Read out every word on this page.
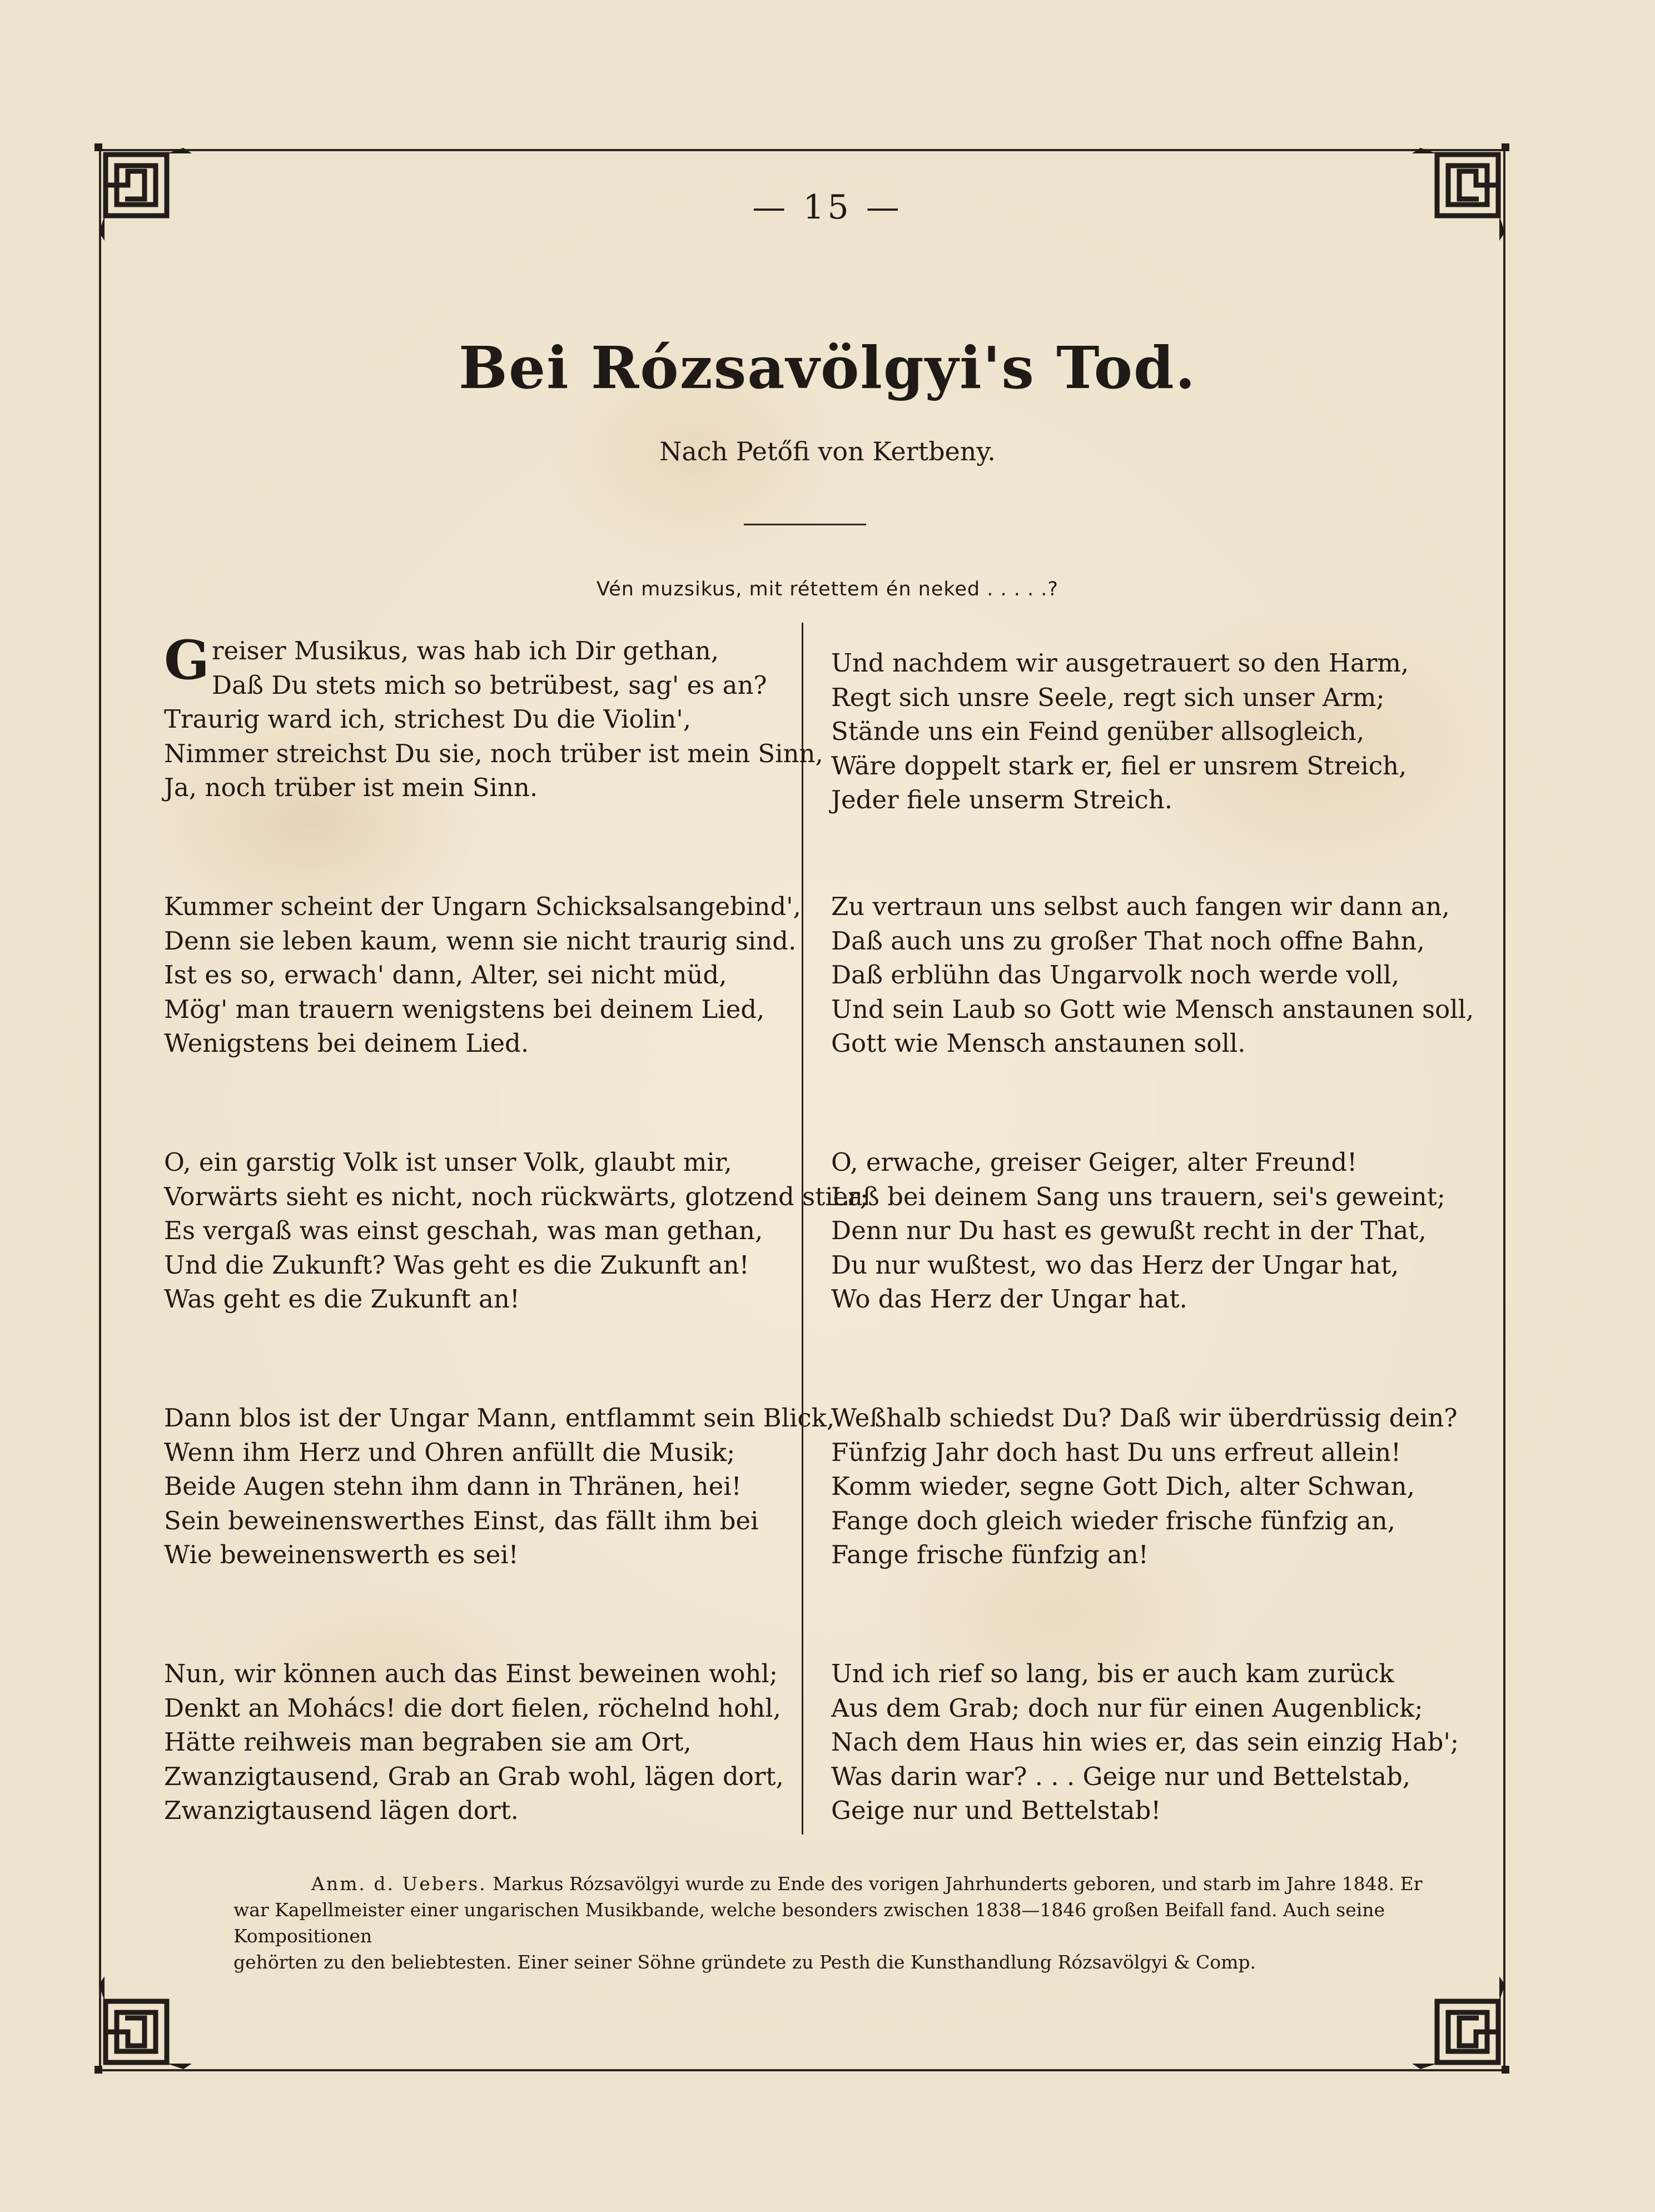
— 15 —
Bei Rózsavölgyi's Tod.
Nach Petőfi von Kertbeny.
Vén muzsikus, mit rétettem én neked . . . . .?
G reiser Musikus, was hab ich Dir gethan,
Daß Du stets mich so betrübest, sag' es an?
Traurig ward ich, strichest Du die Violin',
Nimmer streichst Du sie, noch trüber ist mein Sinn,
Ja, noch trüber ist mein Sinn.
Kummer scheint der Ungarn Schicksalsangebind',
Denn sie leben kaum, wenn sie nicht traurig sind.
Ist es so, erwach' dann, Alter, sei nicht müd,
Mög' man trauern wenigstens bei deinem Lied,
Wenigstens bei deinem Lied.
O, ein garstig Volk ist unser Volk, glaubt mir,
Vorwärts sieht es nicht, noch rückwärts, glotzend stier;
Es vergaß was einst geschah, was man gethan,
Und die Zukunft? Was geht es die Zukunft an!
Was geht es die Zukunft an!
Dann blos ist der Ungar Mann, entflammt sein Blick,
Wenn ihm Herz und Ohren anfüllt die Musik;
Beide Augen stehn ihm dann in Thränen, hei!
Sein beweinenswerthes Einst, das fällt ihm bei
Wie beweinenswerth es sei!
Nun, wir können auch das Einst beweinen wohl;
Denkt an Mohács! die dort fielen, röchelnd hohl,
Hätte reihweis man begraben sie am Ort,
Zwanzigtausend, Grab an Grab wohl, lägen dort,
Zwanzigtausend lägen dort.
Und nachdem wir ausgetrauert so den Harm,
Regt sich unsre Seele, regt sich unser Arm;
Stände uns ein Feind genüber allsogleich,
Wäre doppelt stark er, fiel er unsrem Streich,
Jeder fiele unserm Streich.
Zu vertraun uns selbst auch fangen wir dann an,
Daß auch uns zu großer That noch offne Bahn,
Daß erblühn das Ungarvolk noch werde voll,
Und sein Laub so Gott wie Mensch anstaunen soll,
Gott wie Mensch anstaunen soll.
O, erwache, greiser Geiger, alter Freund!
Laß bei deinem Sang uns trauern, sei's geweint;
Denn nur Du hast es gewußt recht in der That,
Du nur wußtest, wo das Herz der Ungar hat,
Wo das Herz der Ungar hat.
Weßhalb schiedst Du? Daß wir überdrüssig dein?
Fünfzig Jahr doch hast Du uns erfreut allein!
Komm wieder, segne Gott Dich, alter Schwan,
Fange doch gleich wieder frische fünfzig an,
Fange frische fünfzig an!
Und ich rief so lang, bis er auch kam zurück
Aus dem Grab; doch nur für einen Augenblick;
Nach dem Haus hin wies er, das sein einzig Hab';
Was darin war? . . . Geige nur und Bettelstab,
Geige nur und Bettelstab!
Anm. d. Uebers. Markus Rózsavölgyi wurde zu Ende des vorigen Jahrhunderts geboren, und starb im Jahre 1848. Er
war Kapellmeister einer ungarischen Musikbande, welche besonders zwischen 1838—1846 großen Beifall fand. Auch seine Kompositionen
gehörten zu den beliebtesten. Einer seiner Söhne gründete zu Pesth die Kunsthandlung Rózsavölgyi & Comp.
